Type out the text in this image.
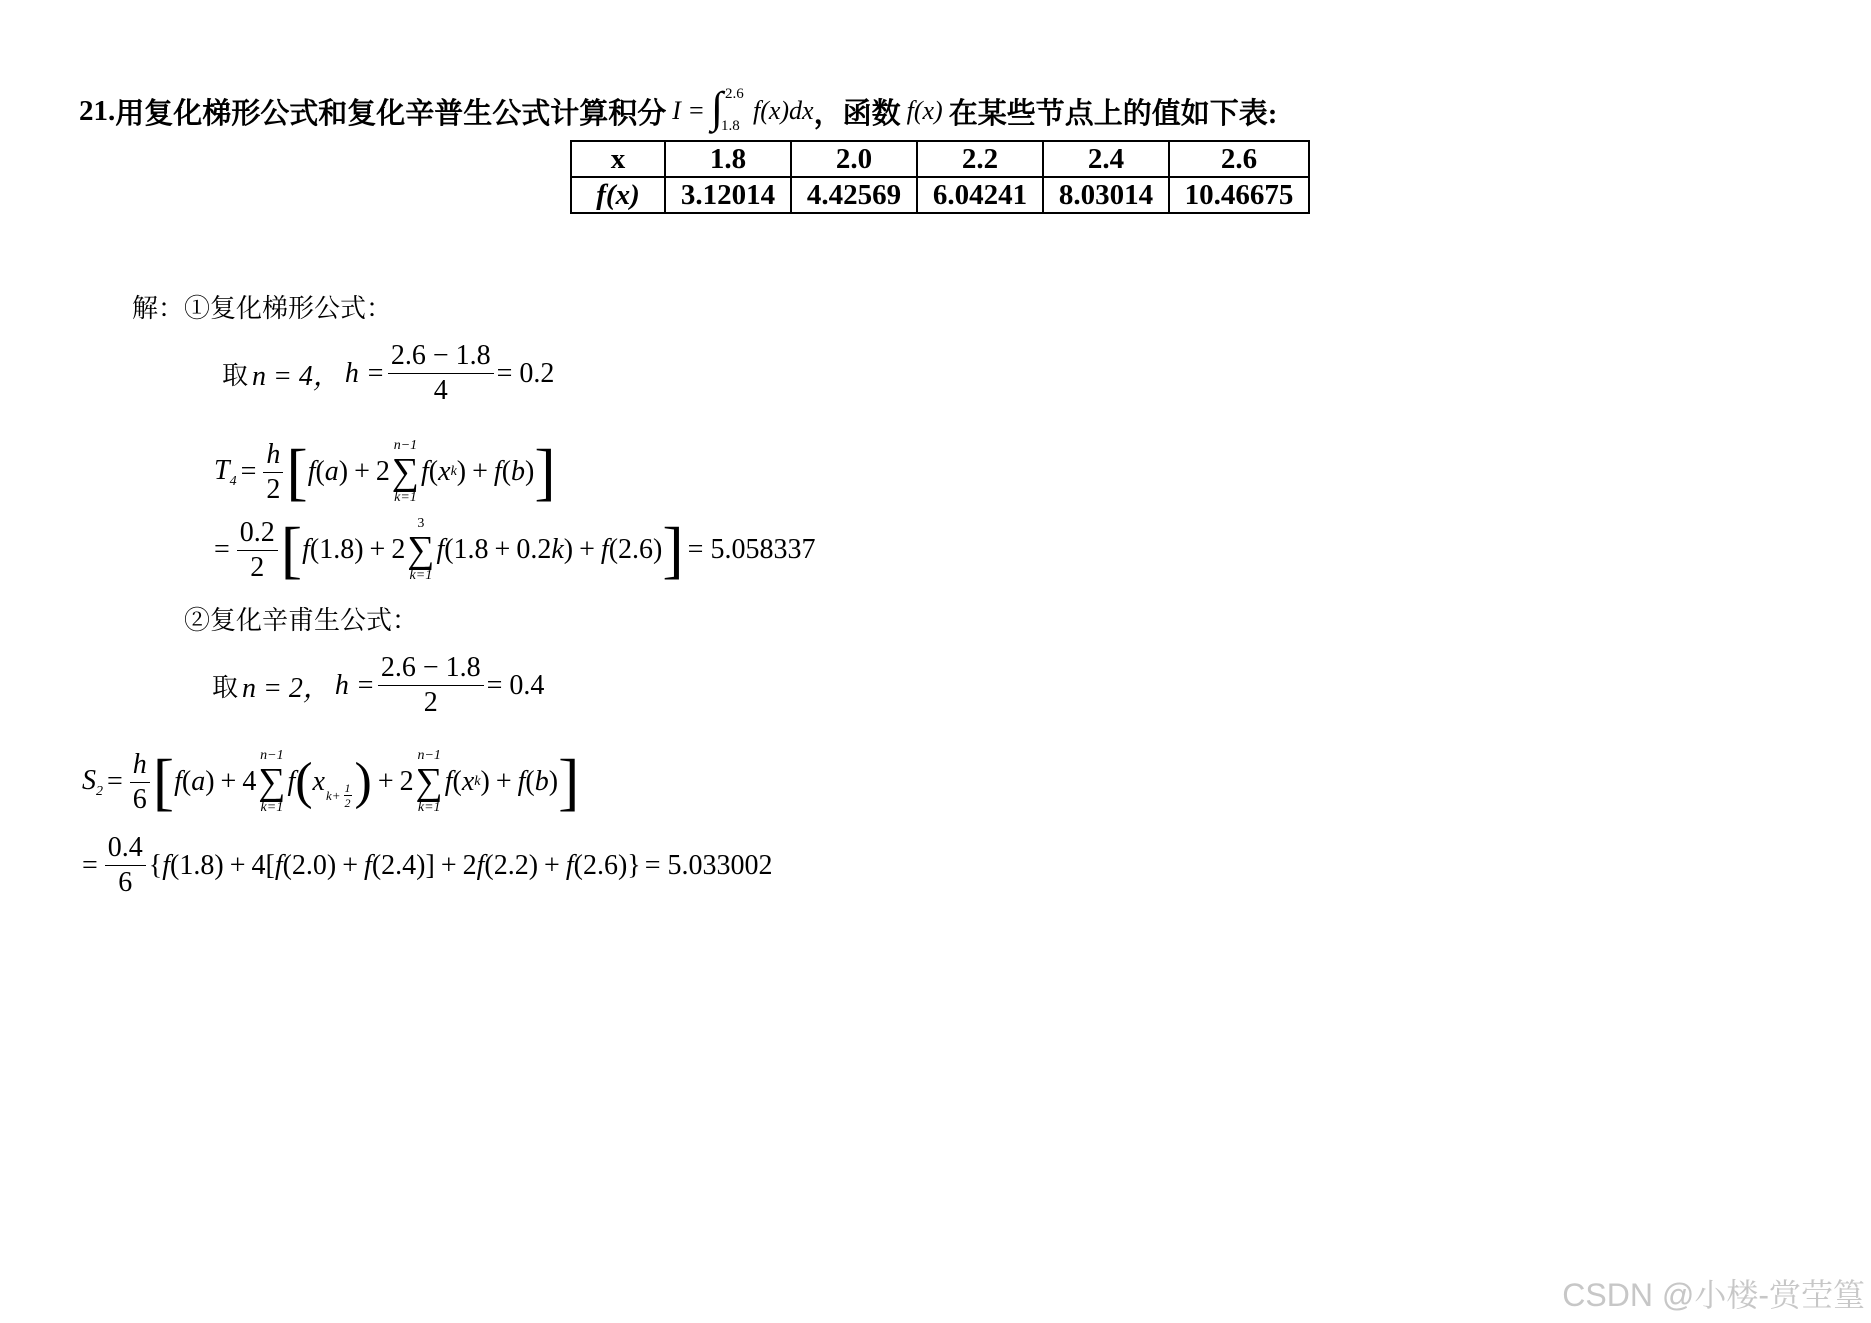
21. 用复化梯形公式和复化辛普生公式计算积分 I = ∫ 2.6
1.8
f(x)dx ，函数 f(x) 在某些节点上的值如下表:
x	1.8	2.0	2.2	2.4	2.6
f(x)	3.12014	4.42569	6.04241	8.03014	10.46675
解：①复化梯形公式：
取 n = 4， $h = \frac{2.6 - 1.8}{4} = 0.2$
$T_4 = \frac{h}{2}$ [ f ( a ) + 2
n−1
∑
k=1
f ( x k ) + f ( b ) ]
= $\frac{0.2}{2}$ [ f (1.8) + 2
3
∑
k=1
f (1.8 + 0.2 k ) + f (2.6) ] = 5.058337
②复化辛甫生公式：
取 n = 2， $h = \frac{2.6 - 1.8}{2} = 0.4$
$S_2 = \frac{h}{6}$ [ f ( a ) + 4
n−1
∑
k=1
f ( x $k+ \frac{1}{2}$ ) + 2
n−1
∑
k=1
f ( x k ) + f ( b ) ]
= $\frac{0.4}{6}$ { f (1.8) + 4[ f (2.0) + f (2.4)] + 2 f (2.2) + f (2.6)} = 5.033002
CSDN @小楼-赏茔篁
